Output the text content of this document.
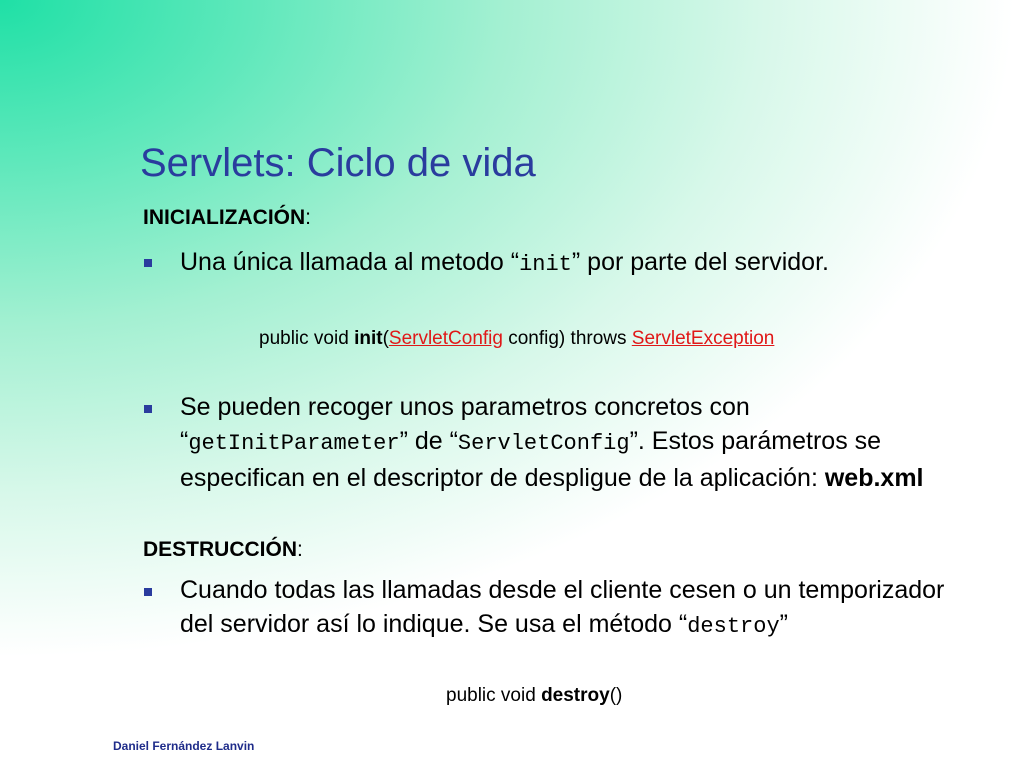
Servlets: Ciclo de vida
INICIALIZACIÓN:
Una única llamada al metodo “init” por parte del servidor.
public void init(ServletConfig config) throws ServletException
Se pueden recoger unos parametros concretos con “getInitParameter” de “ServletConfig”. Estos parámetros se especifican en el descriptor de despligue de la aplicación: web.xml
DESTRUCCIÓN:
Cuando todas las llamadas desde el cliente cesen o un temporizador del servidor así lo indique. Se usa el método “destroy”
public void destroy()
Daniel Fernández Lanvin
